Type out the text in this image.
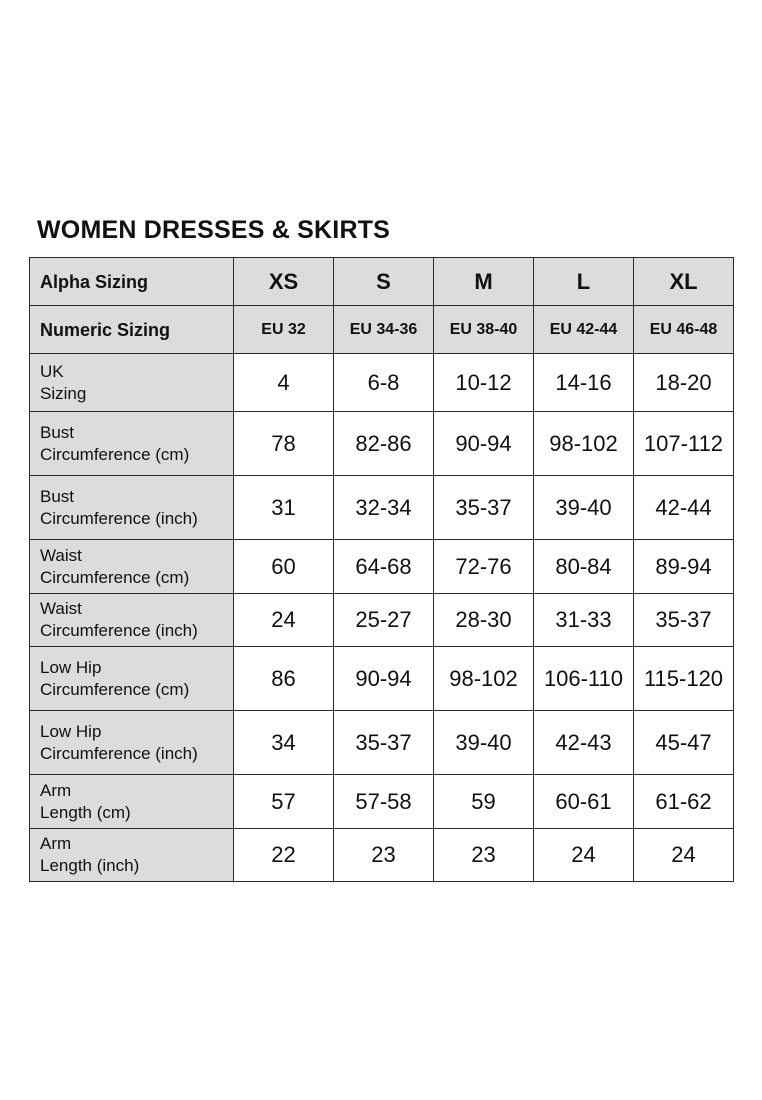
WOMEN DRESSES & SKIRTS
Alpha Sizing	XS	S	M	L	XL
Numeric Sizing	EU 32	EU 34-36	EU 38-40	EU 42-44	EU 46-48

UK
Sizing	4	6-8	10-12	14-16	18-20

Bust
Circumference (cm)	78	82-86	90-94	98-102	107-112

Bust
Circumference (inch)	31	32-34	35-37	39-40	42-44

Waist
Circumference (cm)	60	64-68	72-76	80-84	89-94

Waist
Circumference (inch)	24	25-27	28-30	31-33	35-37

Low Hip
Circumference (cm)	86	90-94	98-102	106-110	115-120

Low Hip
Circumference (inch)	34	35-37	39-40	42-43	45-47

Arm
Length (cm)	57	57-58	59	60-61	61-62

Arm
Length (inch)	22	23	23	24	24
